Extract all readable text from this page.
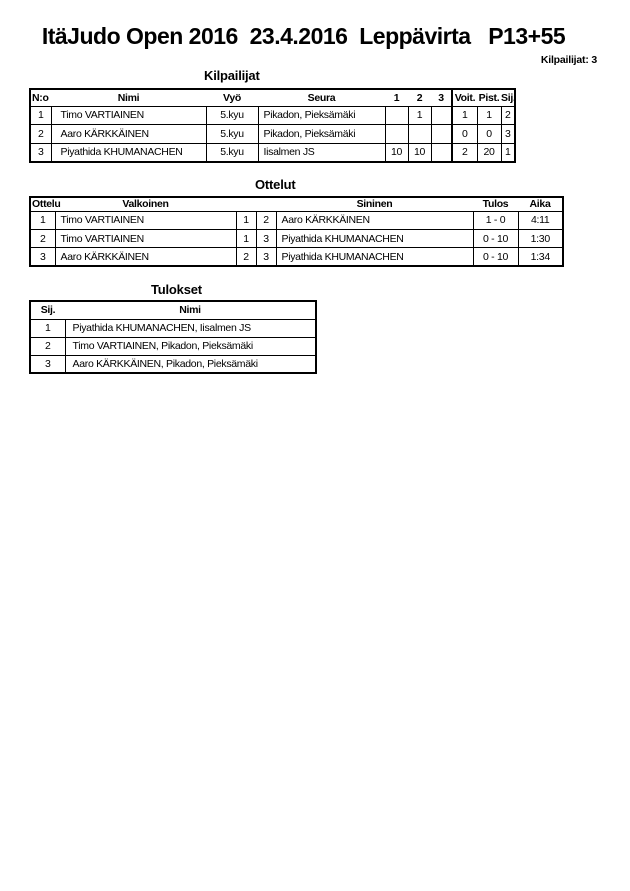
ItäJudo Open 2016  23.4.2016  Leppävirta   P13+55
Kilpailijat: 3
Kilpailijat
N:o	Nimi	Vyö	Seura	1	2	3	Voit.	Pist.	Sij.
1	Timo VARTIAINEN	5.kyu	Pikadon, Pieksämäki		1		1	1	2
2	Aaro KÄRKKÄINEN	5.kyu	Pikadon, Pieksämäki				0	0	3
3	Piyathida KHUMANACHEN	5.kyu	Iisalmen JS	10	10		2	20	1
Ottelut
Ottelu	Valkoinen			Sininen	Tulos	Aika
1	Timo VARTIAINEN	1	2	Aaro KÄRKKÄINEN	1 - 0	4:11
2	Timo VARTIAINEN	1	3	Piyathida KHUMANACHEN	0 - 10	1:30
3	Aaro KÄRKKÄINEN	2	3	Piyathida KHUMANACHEN	0 - 10	1:34
Tulokset
Sij.	Nimi
1	Piyathida KHUMANACHEN, Iisalmen JS
2	Timo VARTIAINEN, Pikadon, Pieksämäki
3	Aaro KÄRKKÄINEN, Pikadon, Pieksämäki
